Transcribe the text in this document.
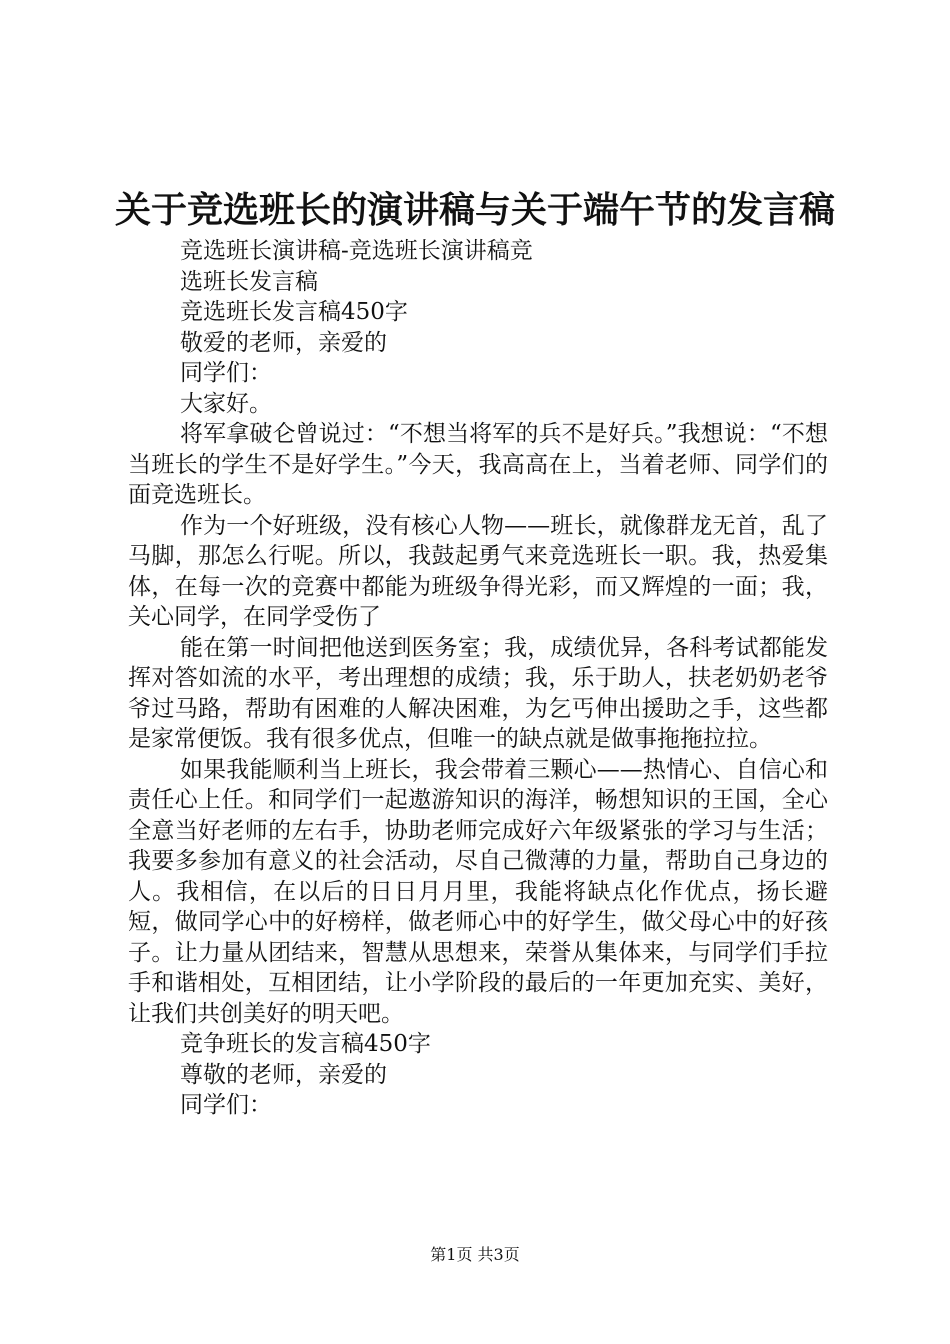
关于竞选班长的演讲稿与关于端午节的发言稿

竞选班长演讲稿-竞选班长演讲稿竞

选班长发言稿

竞选班长发言稿450字

敬爱的老师，亲爱的

同学们：

大家好。

将军拿破仑曾说过：“不想当将军的兵不是好兵。”我想说：“不想当班长的学生不是好学生。”今天，我高高在上，当着老师、同学们的面竞选班长。

作为一个好班级，没有核心人物——班长，就像群龙无首，乱了马脚，那怎么行呢。所以，我鼓起勇气来竞选班长一职。我，热爱集体，在每一次的竞赛中都能为班级争得光彩，而又辉煌的一面；我，关心同学，在同学受伤了

能在第一时间把他送到医务室；我，成绩优异，各科考试都能发挥对答如流的水平，考出理想的成绩；我，乐于助人，扶老奶奶老爷爷过马路，帮助有困难的人解决困难，为乞丐伸出援助之手，这些都是家常便饭。我有很多优点，但唯一的缺点就是做事拖拖拉拉。

如果我能顺利当上班长，我会带着三颗心——热情心、自信心和责任心上任。和同学们一起遨游知识的海洋，畅想知识的王国，全心全意当好老师的左右手，协助老师完成好六年级紧张的学习与生活；我要多参加有意义的社会活动，尽自己微薄的力量，帮助自己身边的人。我相信，在以后的日日月月里，我能将缺点化作优点，扬长避短，做同学心中的好榜样，做老师心中的好学生，做父母心中的好孩子。让力量从团结来，智慧从思想来，荣誉从集体来，与同学们手拉手和谐相处，互相团结，让小学阶段的最后的一年更加充实、美好，让我们共创美好的明天吧。

竞争班长的发言稿450字

尊敬的老师，亲爱的

同学们：

第1页 共3页
